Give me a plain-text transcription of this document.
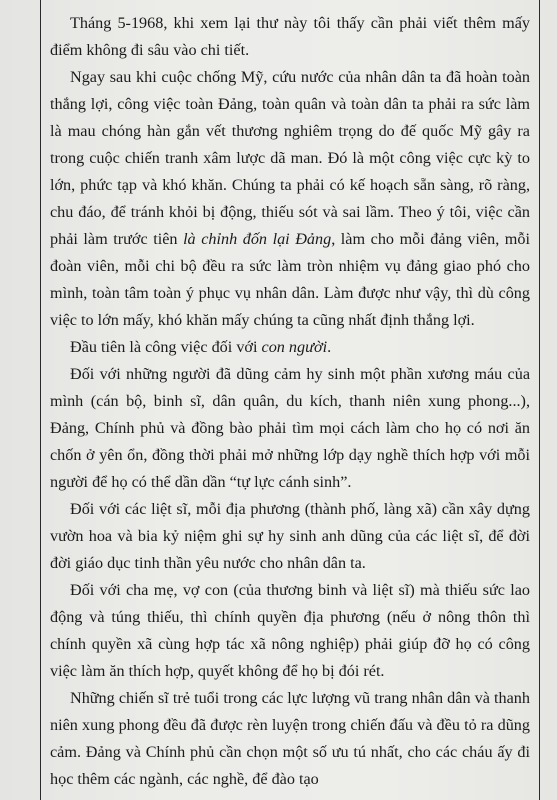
Tháng 5-1968, khi xem lại thư này tôi thấy cần phải viết thêm mấy điểm không đi sâu vào chi tiết.

Ngay sau khi cuộc chống Mỹ, cứu nước của nhân dân ta đã hoàn toàn thắng lợi, công việc toàn Đảng, toàn quân và toàn dân ta phải ra sức làm là mau chóng hàn gắn vết thương nghiêm trọng do đế quốc Mỹ gây ra trong cuộc chiến tranh xâm lược dã man. Đó là một công việc cực kỳ to lớn, phức tạp và khó khăn. Chúng ta phải có kế hoạch sẵn sàng, rõ ràng, chu đáo, để tránh khỏi bị động, thiếu sót và sai lầm. Theo ý tôi, việc cần phải làm trước tiên là chỉnh đốn lại Đảng, làm cho mỗi đảng viên, mỗi đoàn viên, mỗi chi bộ đều ra sức làm tròn nhiệm vụ đảng giao phó cho mình, toàn tâm toàn ý phục vụ nhân dân. Làm được như vậy, thì dù công việc to lớn mấy, khó khăn mấy chúng ta cũng nhất định thắng lợi.

Đầu tiên là công việc đối với con người.

Đối với những người đã dũng cảm hy sinh một phần xương máu của mình (cán bộ, binh sĩ, dân quân, du kích, thanh niên xung phong...), Đảng, Chính phủ và đồng bào phải tìm mọi cách làm cho họ có nơi ăn chốn ở yên ổn, đồng thời phải mở những lớp dạy nghề thích hợp với mỗi người để họ có thể dần dần “tự lực cánh sinh”.

Đối với các liệt sĩ, mỗi địa phương (thành phố, làng xã) cần xây dựng vườn hoa và bia kỷ niệm ghi sự hy sinh anh dũng của các liệt sĩ, để đời đời giáo dục tinh thần yêu nước cho nhân dân ta.

Đối với cha mẹ, vợ con (của thương binh và liệt sĩ) mà thiếu sức lao động và túng thiếu, thì chính quyền địa phương (nếu ở nông thôn thì chính quyền xã cùng hợp tác xã nông nghiệp) phải giúp đỡ họ có công việc làm ăn thích hợp, quyết không để họ bị đói rét.

Những chiến sĩ trẻ tuổi trong các lực lượng vũ trang nhân dân và thanh niên xung phong đều đã được rèn luyện trong chiến đấu và đều tỏ ra dũng cảm. Đảng và Chính phủ cần chọn một số ưu tú nhất, cho các cháu ấy đi học thêm các ngành, các nghề, để đào tạo
